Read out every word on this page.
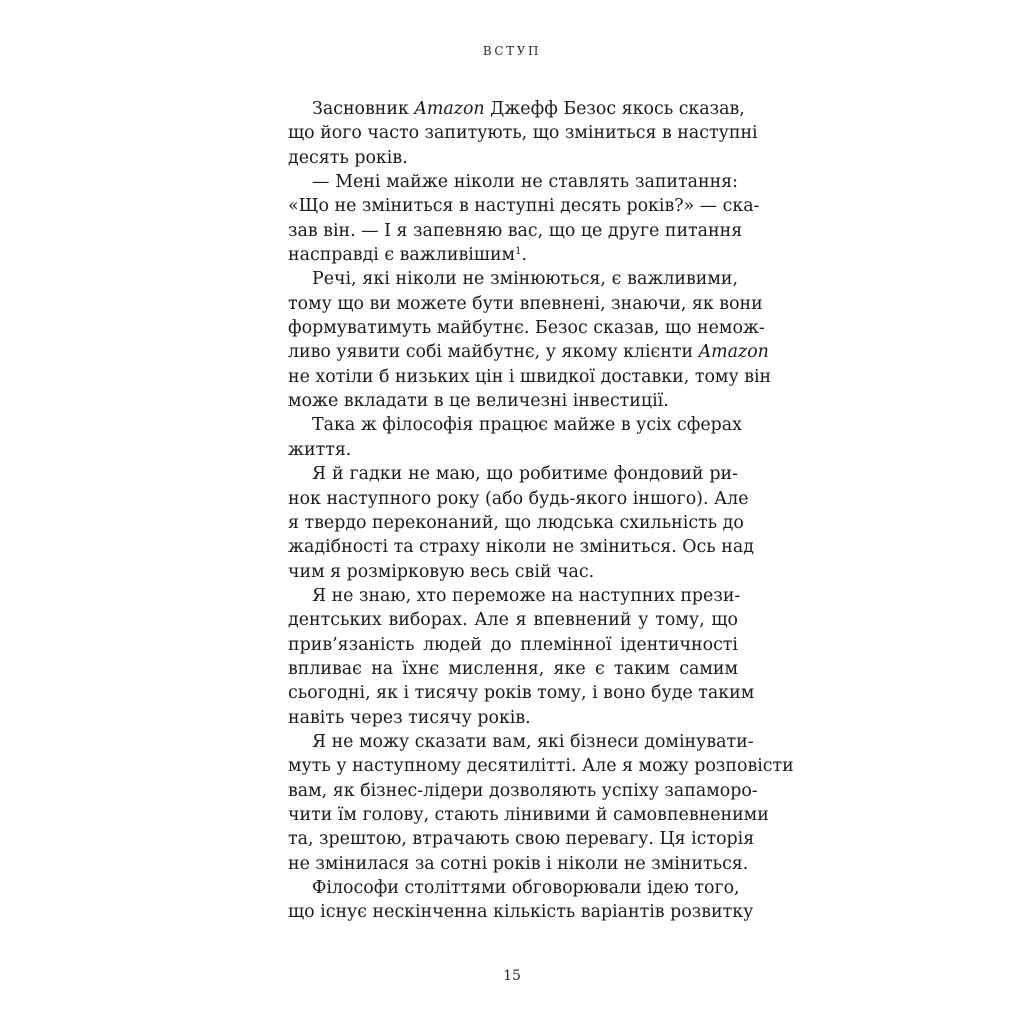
ВСТУП
Засновник Amazon Джефф Безос якось сказав,
що його часто запитують, що зміниться в наступні
десять років.
— Мені майже ніколи не ставлять запитання:
«Що не зміниться в наступні десять років?» — ска-
зав він. — І я запевняю вас, що це друге питання
насправді є важливішим$^1$.
Речі, які ніколи не змінюються, є важливими,
тому що ви можете бути впевнені, знаючи, як вони
формуватимуть майбутнє. Безос сказав, що немож-
ливо уявити собі майбутнє, у якому клієнти Amazon
не хотіли б низьких цін і швидкої доставки, тому він
може вкладати в це величезні інвестиції.
Така ж філософія працює майже в усіх сферах
життя.
Я й гадки не маю, що робитиме фондовий ри-
нок наступного року (або будь-якого іншого). Але
я твердо переконаний, що людська схильність до
жадібності та страху ніколи не зміниться. Ось над
чим я розмірковую весь свій час.
Я не знаю, хто переможе на наступних прези-
дентських виборах. Але я впевнений у тому, що
прив’язаність людей до племінної ідентичності
впливає на їхнє мислення, яке є таким самим
сьогодні, як і тисячу років тому, і воно буде таким
навіть через тисячу років.
Я не можу сказати вам, які бізнеси домінувати-
муть у наступному десятилітті. Але я можу розповісти
вам, як бізнес-лідери дозволяють успіху запаморо-
чити їм голову, стають лінивими й самовпевненими
та, зрештою, втрачають свою перевагу. Ця історія
не змінилася за сотні років і ніколи не зміниться.
Філософи століттями обговорювали ідею того,
що існує нескінченна кількість варіантів розвитку
15
